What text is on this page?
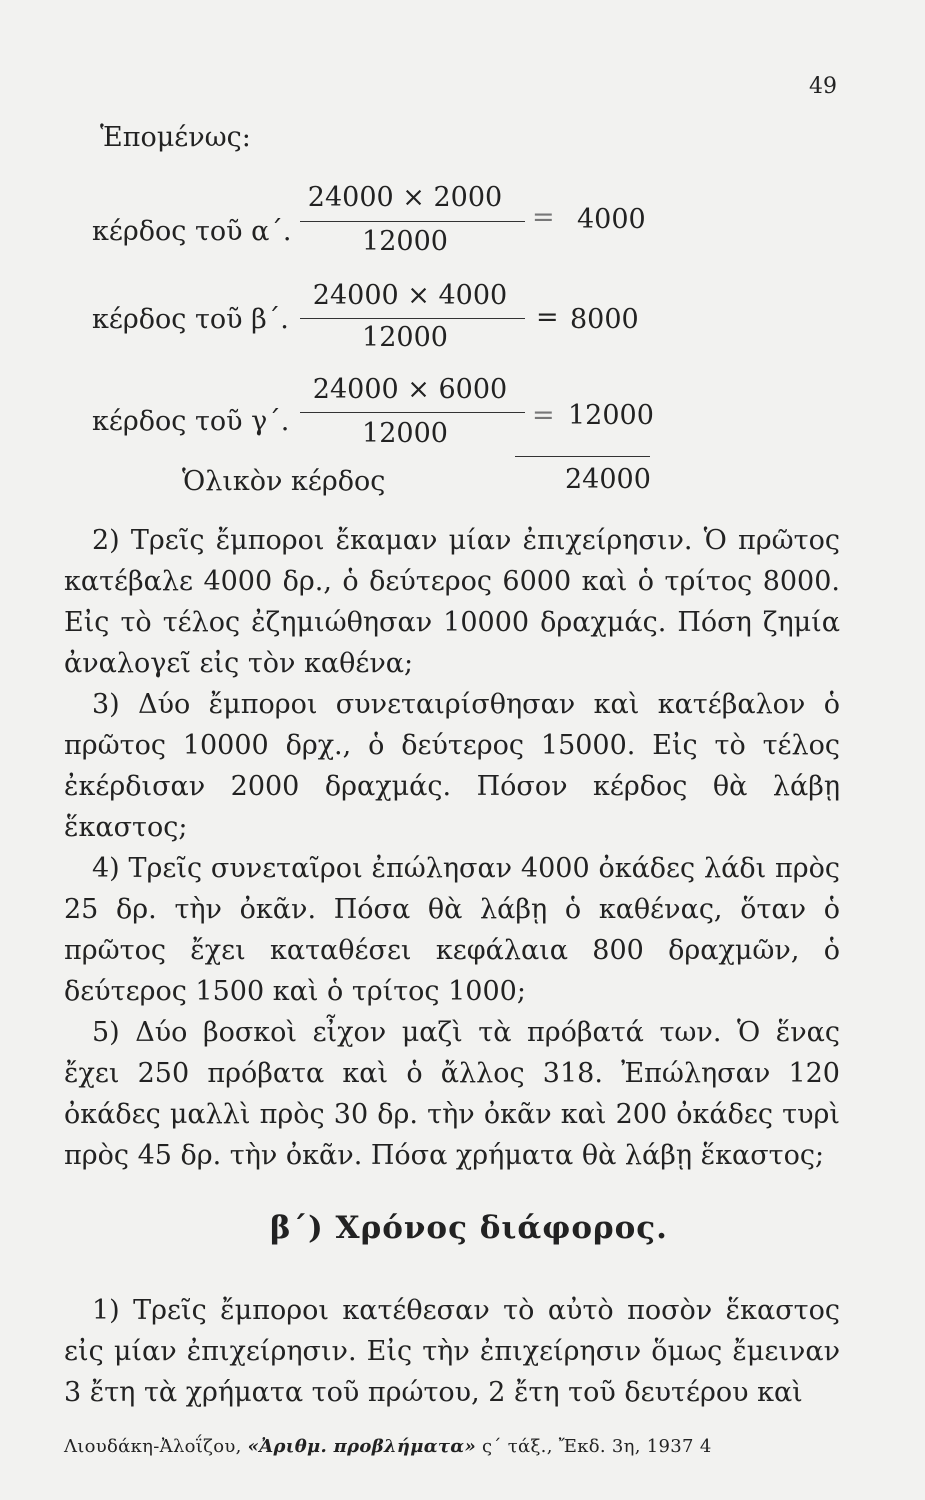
49
Ἑπομένως:
κέρδος τοῦ α΄.
24000 × 2000
12000
= 4000
κέρδος τοῦ β΄.
24000 × 4000
12000
= 8000
κέρδος τοῦ γ΄.
24000 × 6000
12000
= 12000
Ὁλικὸν κέρδος	24000
2) Τρεῖς ἔμποροι ἔκαμαν μίαν ἐπιχείρησιν. Ὁ πρῶτος κατέβαλε 4000 δρ., ὁ δεύτερος 6000 καὶ ὁ τρίτος 8000. Εἰς τὸ τέλος ἐζημιώθησαν 10000 δραχμάς. Πόση ζημία ἀναλογεῖ εἰς τὸν καθένα;
3) Δύο ἔμποροι συνεταιρίσθησαν καὶ κατέβαλον ὁ πρῶτος 10000 δρχ., ὁ δεύτερος 15000. Εἰς τὸ τέλος ἐκέρδισαν 2000 δραχμάς. Πόσον κέρδος θὰ λάβῃ ἕκαστος;
4) Τρεῖς συνεταῖροι ἐπώλησαν 4000 ὀκάδες λάδι πρὸς 25 δρ. τὴν ὀκᾶν. Πόσα θὰ λάβῃ ὁ καθένας, ὅταν ὁ πρῶτος ἔχει καταθέσει κεφάλαια 800 δραχμῶν, ὁ δεύτερος 1500 καὶ ὁ τρίτος 1000;
5) Δύο βοσκοὶ εἶχον μαζὶ τὰ πρόβατά των. Ὁ ἕνας ἔχει 250 πρόβατα καὶ ὁ ἄλλος 318. Ἐπώλησαν 120 ὀκάδες μαλλὶ πρὸς 30 δρ. τὴν ὀκᾶν καὶ 200 ὀκάδες τυρὶ πρὸς 45 δρ. τὴν ὀκᾶν. Πόσα χρήματα θὰ λάβῃ ἕκαστος;
β΄) Χρόνος διάφορος.
1) Τρεῖς ἔμποροι κατέθεσαν τὸ αὐτὸ ποσὸν ἕκαστος εἰς μίαν ἐπιχείρησιν. Εἰς τὴν ἐπιχείρησιν ὅμως ἔμειναν 3 ἔτη τὰ χρήματα τοῦ πρώτου, 2 ἔτη τοῦ δευτέρου καὶ
Λιουδάκη-Ἀλοΐζου, «Ἀριθμ. προβλήματα» ς΄ τάξ., Ἔκδ. 3η, 1937 4
